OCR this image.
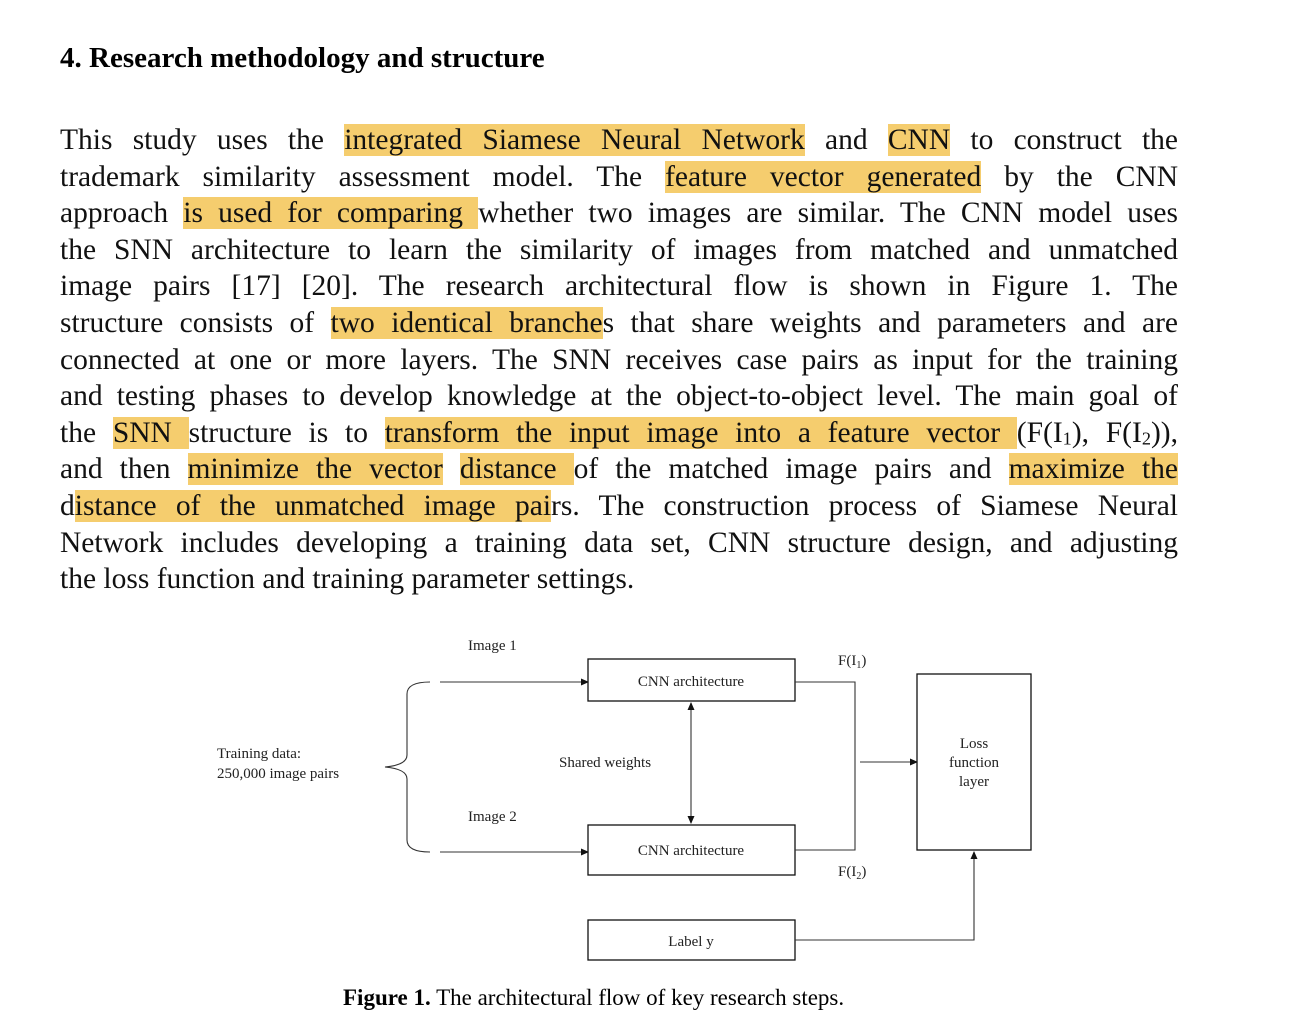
4. Research methodology and structure
This study uses the integrated Siamese Neural Network and CNN to construct the
trademark similarity assessment model. The feature vector generated by the CNN
approach is used for comparing whether two images are similar. The CNN model uses
the SNN architecture to learn the similarity of images from matched and unmatched
image pairs [17] [20]. The research architectural flow is shown in Figure 1. The
structure consists of two identical branches that share weights and parameters and are
connected at one or more layers. The SNN receives case pairs as input for the training
and testing phases to develop knowledge at the object-to-object level. The main goal of
the SNN structure is to transform the input image into a feature vector ($F(I_1)$, $F(I_2)$),
and then minimize the vector distance of the matched image pairs and maximize the
distance of the unmatched image pairs. The construction process of Siamese Neural
Network includes developing a training data set, CNN structure design, and adjusting
the loss function and training parameter settings.
Training data:
250,000 image pairs
Image 1
Image 2
CNN architecture
CNN architecture
Shared weights
$F(I_1)$
$F(I_2)$
Loss
function
layer
Label y

Figure 1. The architectural flow of key research steps.
